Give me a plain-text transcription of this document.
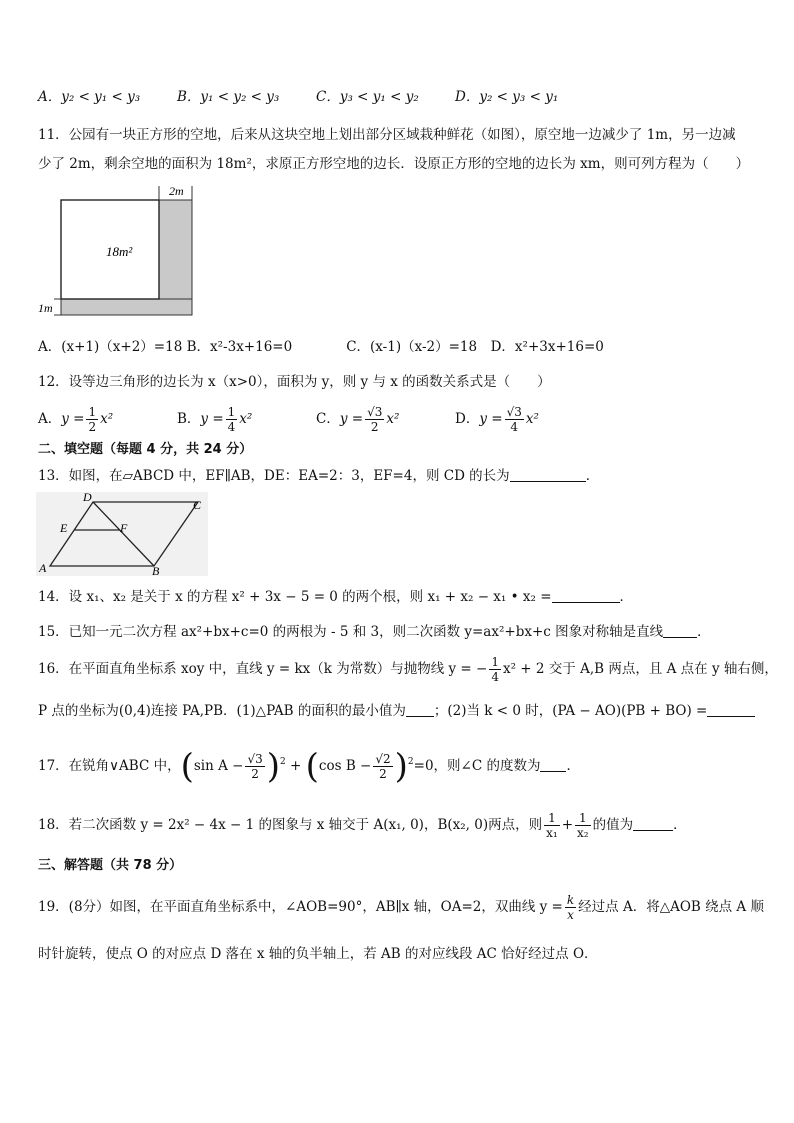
A．y₂ < y₁ < y₃	B．y₁ < y₂ < y₃	C．y₃ < y₁ < y₂	D．y₂ < y₃ < y₁
11．公园有一块正方形的空地，后来从这块空地上划出部分区域栽种鲜花（如图），原空地一边减少了 1m，另一边减
少了 2m，剩余空地的面积为 18m²，求原正方形空地的边长．设原正方形的空地的边长为 xm，则可列方程为（　　）
18m²
2m
1m
A．(x+1)（x+2）=18 B．x²-3x+16=0　　　　C．(x-1)（x-2）=18　D．x²+3x+16=0
12．设等边三角形的边长为 x（x>0），面积为 y，则 y 与 x 的函数关系式是（　　）
A．$y = \frac{1}{2} x^2$	B．$y = \frac{1}{4} x^2$	C．$y = \frac{√3}{2} x^2$	D．$y = \frac{√3}{4} x^2$
二、填空题（每题 4 分，共 24 分）
13．如图，在▱ABCD 中，EF∥AB，DE：EA=2：3，EF=4，则 CD 的长为	．
D
C
E	F
A	B
14．设 x₁、x₂ 是关于 x 的方程 x² + 3x − 5 = 0 的两个根，则 x₁ + x₂ − x₁ • x₂ =	．
15．已知一元二次方程 ax²+bx+c=0 的两根为 - 5 和 3，则二次函数 y=ax²+bx+c 图象对称轴是直线	．
16．在平面直角坐标系 xoy 中，直线 y = kx（k 为常数）与抛物线 y = − $\frac{1}{4} x^2 + 2$ 交于 A,B 两点，且 A 点在 y 轴右侧，
P 点的坐标为(0,4)连接 PA,PB．(1)△PAB 的面积的最小值为 ；(2)当 k < 0 时，(PA − AO)(PB + BO) =
17．在锐角∨ABC 中，(sin $A - \frac{√3}{2} )^2 + (\cos$ $B - \frac{√2}{2} )^2=0$，则∠C 的度数为 ．
18．若二次函数 y = 2x² − 4x − 1 的图象与 x 轴交于 A(x₁, 0)，B(x₂, 0)两点，则 $\frac{1}{\text{x₁}} + \frac{1}{\text{x₂}}$ 的值为	．
三、解答题（共 78 分）
19．(8分）如图，在平面直角坐标系中，∠AOB=90°，AB∥x 轴，OA=2，双曲线 $y = \frac{k}{x}$ 经过点 A．将△AOB 绕点 A 顺
时针旋转，使点 O 的对应点 D 落在 x 轴的负半轴上，若 AB 的对应线段 AC 恰好经过点 O．
